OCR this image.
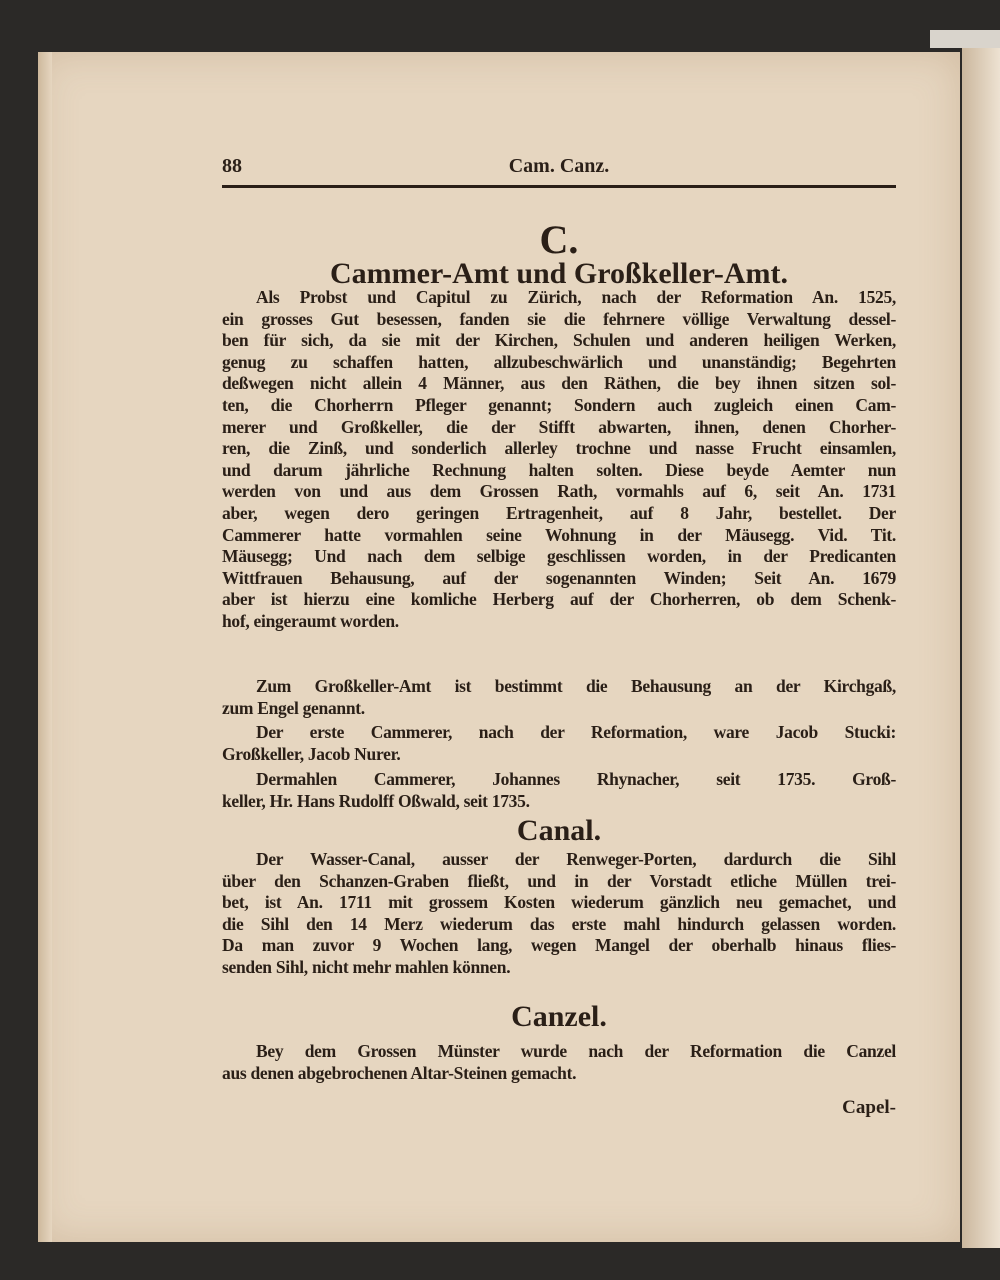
88	Cam. Canz.
C.
Cammer-Amt und Großkeller-Amt.
Als Probst und Capitul zu Zürich, nach der Reformation An. 1525,
ein grosses Gut besessen, fanden sie die fehrnere völlige Verwaltung dessel-
ben für sich, da sie mit der Kirchen, Schulen und anderen heiligen Werken,
genug zu schaffen hatten, allzubeschwärlich und unanständig; Begehrten
deßwegen nicht allein 4 Männer, aus den Räthen, die bey ihnen sitzen sol-
ten, die Chorherrn Pfleger genannt; Sondern auch zugleich einen Cam-
merer und Großkeller, die der Stifft abwarten, ihnen, denen Chorher-
ren, die Zinß, und sonderlich allerley trochne und nasse Frucht einsamlen,
und darum jährliche Rechnung halten solten. Diese beyde Aemter nun
werden von und aus dem Grossen Rath, vormahls auf 6, seit An. 1731
aber, wegen dero geringen Ertragenheit, auf 8 Jahr, bestellet. Der
Cammerer hatte vormahlen seine Wohnung in der Mäusegg. Vid. Tit.
Mäusegg; Und nach dem selbige geschlissen worden, in der Predicanten
Wittfrauen Behausung, auf der sogenannten Winden; Seit An. 1679
aber ist hierzu eine komliche Herberg auf der Chorherren, ob dem Schenk-
hof, eingeraumt worden.
Zum Großkeller-Amt ist bestimmt die Behausung an der Kirchgaß,
zum Engel genannt.
Der erste Cammerer, nach der Reformation, ware Jacob Stucki:
Großkeller, Jacob Nurer.
Dermahlen Cammerer, Johannes Rhynacher, seit 1735. Groß-
keller, Hr. Hans Rudolff Oßwald, seit 1735.
Canal.
Der Wasser-Canal, ausser der Renweger-Porten, dardurch die Sihl
über den Schanzen-Graben fließt, und in der Vorstadt etliche Müllen trei-
bet, ist An. 1711 mit grossem Kosten wiederum gänzlich neu gemachet, und
die Sihl den 14 Merz wiederum das erste mahl hindurch gelassen worden.
Da man zuvor 9 Wochen lang, wegen Mangel der oberhalb hinaus flies-
senden Sihl, nicht mehr mahlen können.
Canzel.
Bey dem Grossen Münster wurde nach der Reformation die Canzel
aus denen abgebrochenen Altar-Steinen gemacht.
Capel-
